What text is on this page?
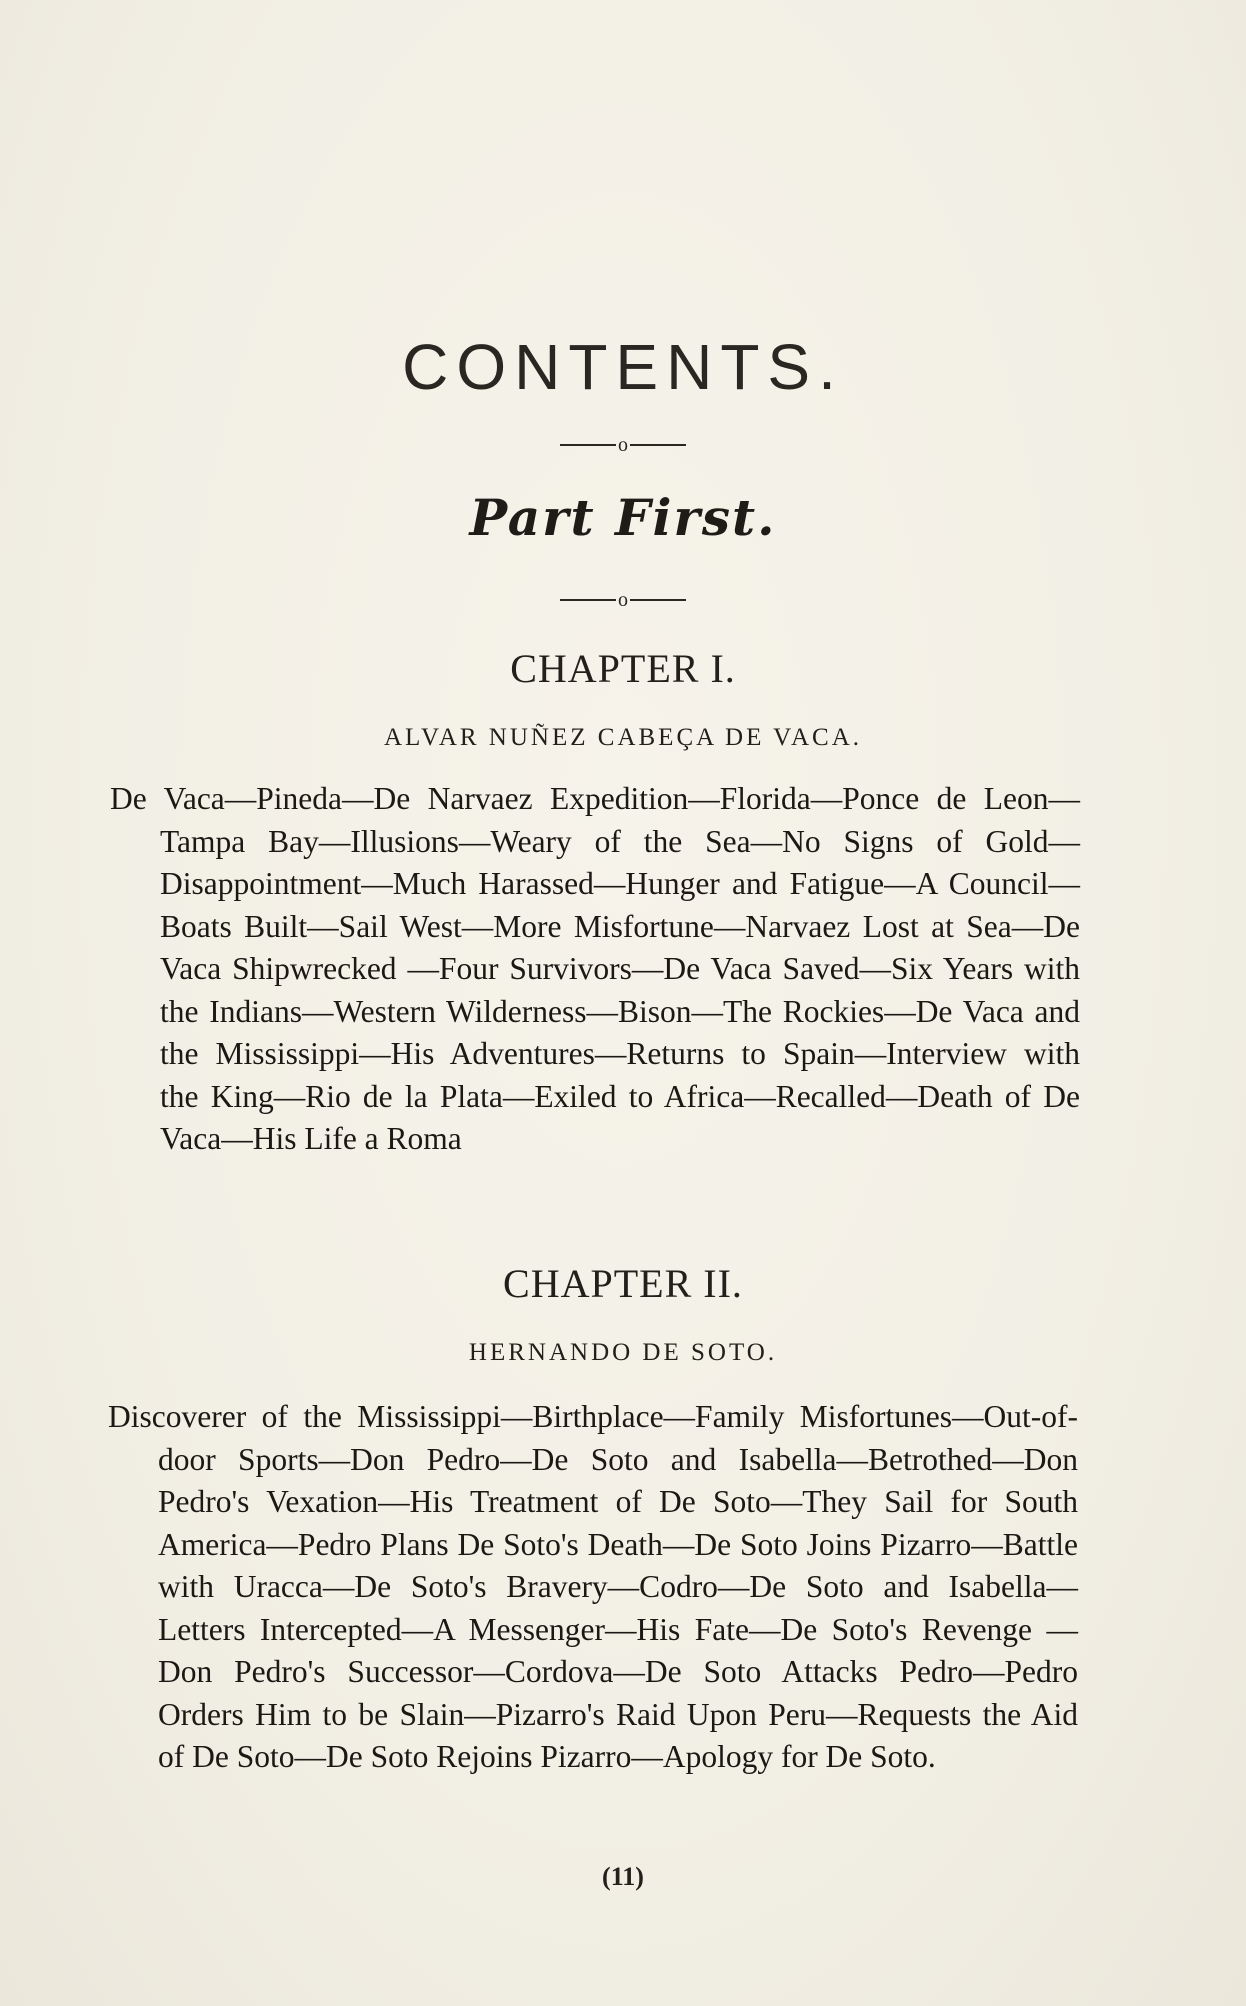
CONTENTS.
o
Part First.
o
CHAPTER I.
ALVAR NUÑEZ CABEÇA DE VACA.
De Vaca—Pineda—De Narvaez Expedition—Florida—Ponce de Leon—Tampa Bay—Illusions—Weary of the Sea—No Signs of Gold—Disappointment—Much Harassed—Hunger and Fatigue—A Council—Boats Built—Sail West—More Misfortune—Narvaez Lost at Sea—De Vaca Shipwrecked —Four Survivors—De Vaca Saved—Six Years with the Indians—Western Wilderness—Bison—The Rockies—De Vaca and the Mississippi—His Adventures—Returns to Spain—Interview with the King—Rio de la Plata—Exiled to Africa—Recalled—Death of De Vaca—His Life a Roma
CHAPTER II.
HERNANDO DE SOTO.
Discoverer of the Mississippi—Birthplace—Family Misfortunes—Out-of-door Sports—Don Pedro—De Soto and Isabella—Betrothed—Don Pedro's Vexation—His Treatment of De Soto—They Sail for South America—Pedro Plans De Soto's Death—De Soto Joins Pizarro—Battle with Uracca—De Soto's Bravery—Codro—De Soto and Isabella—Letters Intercepted—A Messenger—His Fate—De Soto's Revenge —Don Pedro's Successor—Cordova—De Soto Attacks Pedro—Pedro Orders Him to be Slain—Pizarro's Raid Upon Peru—Requests the Aid of De Soto—De Soto Rejoins Pizarro—Apology for De Soto.
(11)
